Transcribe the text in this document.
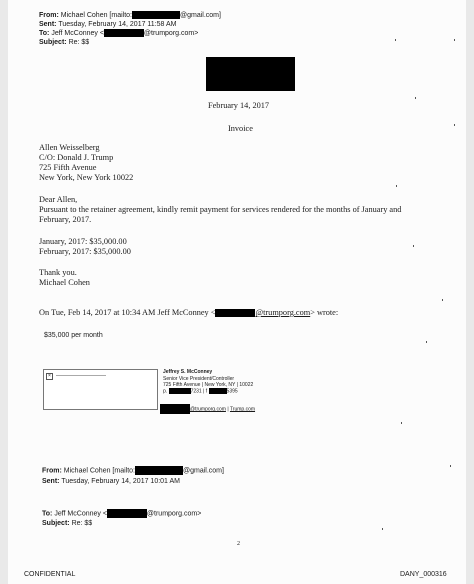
From: Michael Cohen [mailto:	@gmail.com]
Sent: Tuesday, February 14, 2017 11:58 AM
To: Jeff McConney <	@trumporg.com>
Subject: Re: $$
February 14, 2017
Invoice
Allen Weisselberg
C/O: Donald J. Trump
725 Fifth Avenue
New York, New York 10022
Dear Allen,
Pursuant to the retainer agreement, kindly remit payment for services rendered for the months of January and
February, 2017.
January, 2017: $35,000.00
February, 2017: $35,000.00
Thank you.
Michael Cohen
On Tue, Feb 14, 2017 at 10:34 AM Jeff McConney <	@trumporg.com> wrote:
$35,000 per month
×
Jeffrey S. McConney
Senior Vice President/Controller
725 Fifth Avenue | New York, NY | 10022
p.	7231 | f	5395
@trumporg.com | Trump.com
From: Michael Cohen [mailto:	@gmail.com]
Sent: Tuesday, February 14, 2017 10:01 AM
To: Jeff McConney <	@trumporg.com>
Subject: Re: $$
2
CONFIDENTIAL	DANY_000316
